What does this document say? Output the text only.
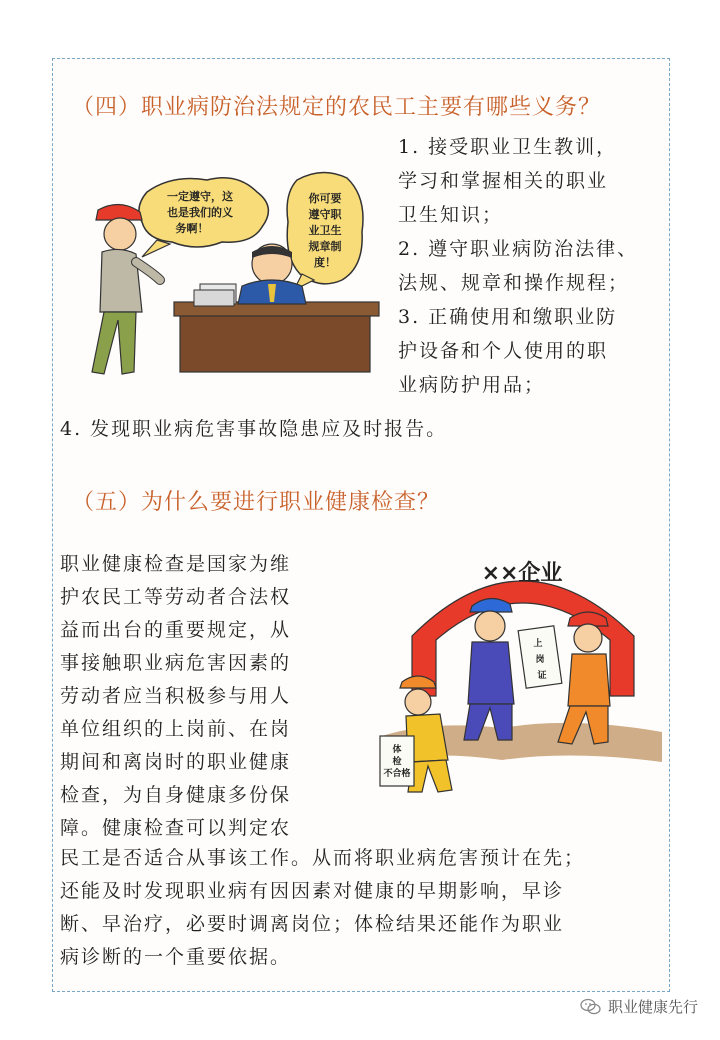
（四）职业病防治法规定的农民工主要有哪些义务？
一定遵守，这
也是我们的义
务啊！
你可要
遵守职
业卫生
规章制
度！
1. 接受职业卫生教训，
学习和掌握相关的职业
卫生知识；
2. 遵守职业病防治法律、
法规、规章和操作规程；
3. 正确使用和缴职业防
护设备和个人使用的职
业病防护用品；
4. 发现职业病危害事故隐患应及时报告。
（五）为什么要进行职业健康检查？
职业健康检查是国家为维
护农民工等劳动者合法权
益而出台的重要规定，从
事接触职业病危害因素的
劳动者应当积极参与用人
单位组织的上岗前、在岗
期间和离岗时的职业健康
检查，为自身健康多份保
障。健康检查可以判定农
××企业
上
岗
证
体
检
不合格
民工是否适合从事该工作。从而将职业病危害预计在先；
还能及时发现职业病有因因素对健康的早期影响，早诊
断、早治疗，必要时调离岗位；体检结果还能作为职业
病诊断的一个重要依据。
职业健康先行
